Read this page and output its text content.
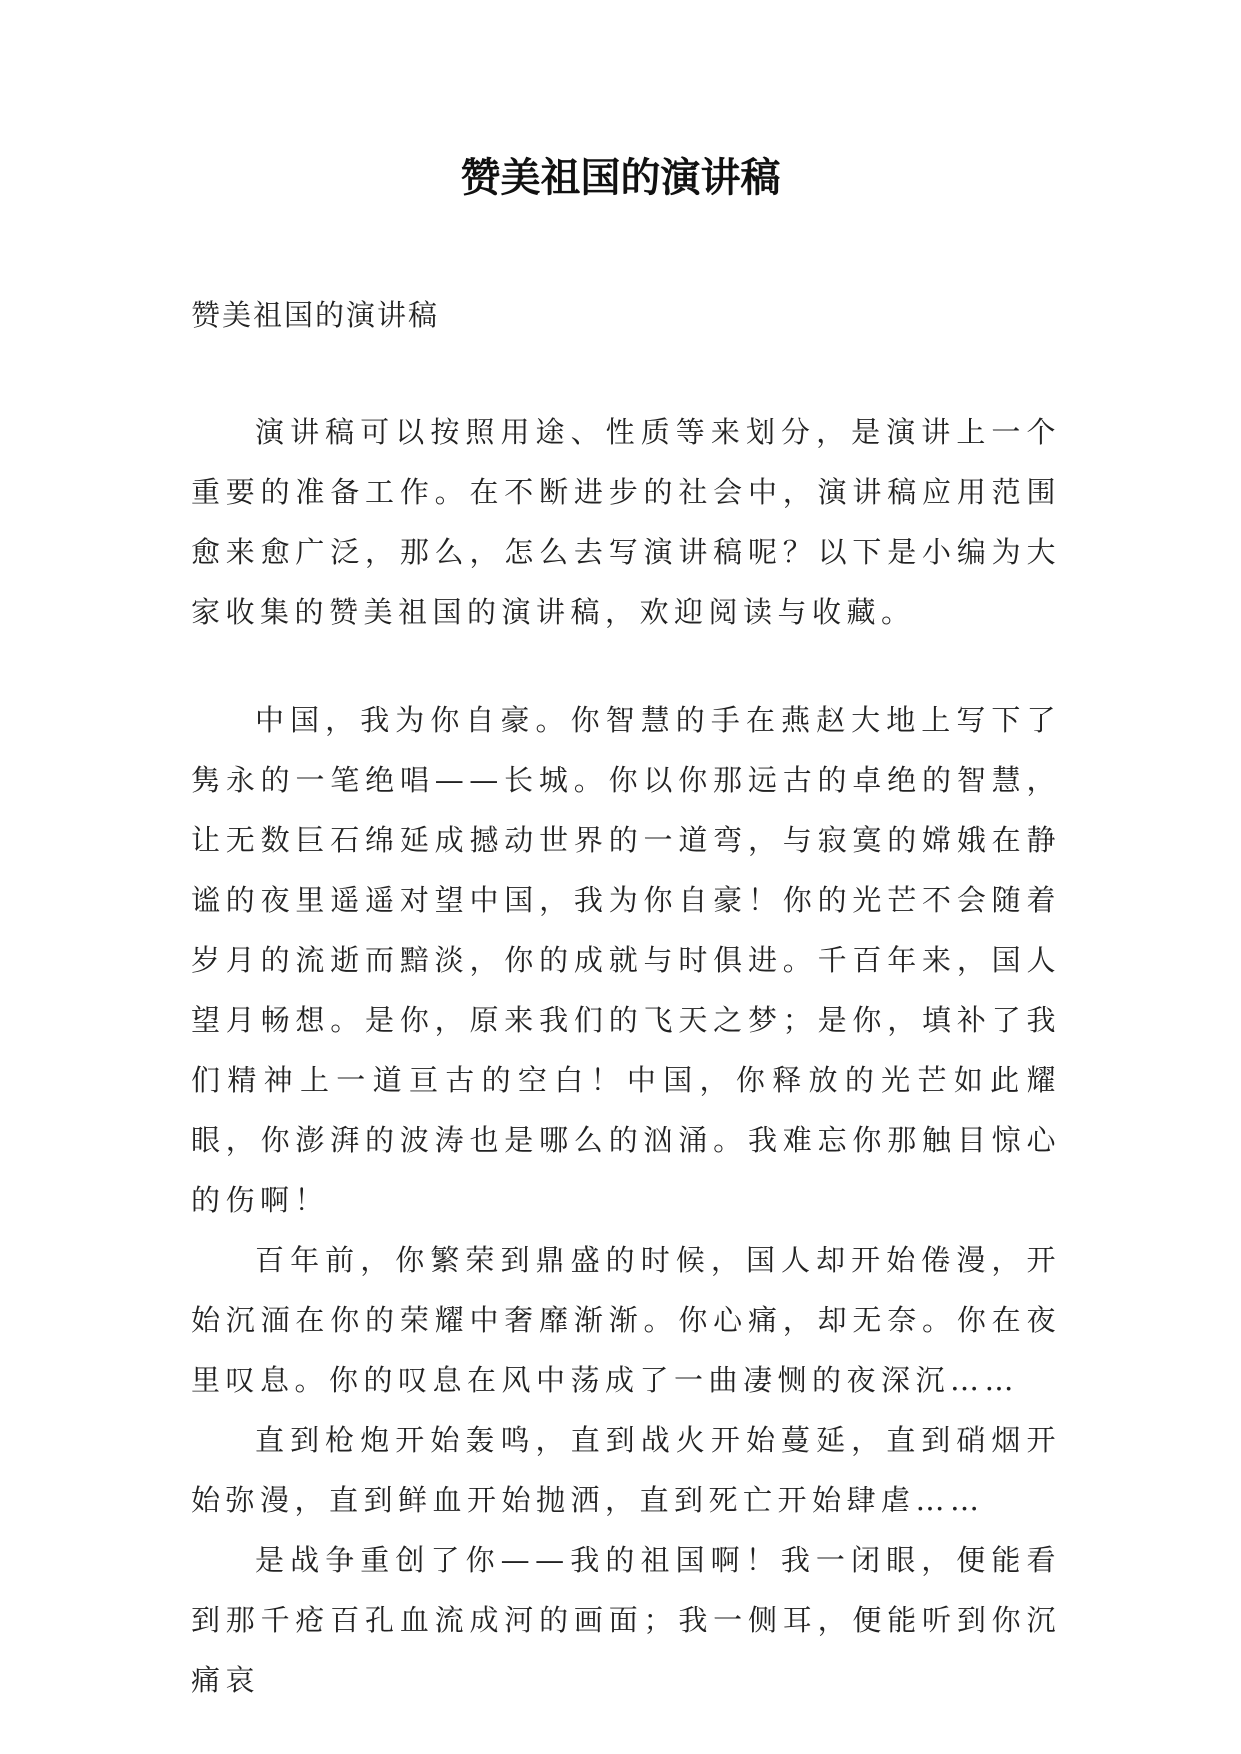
赞美祖国的演讲稿
赞美祖国的演讲稿

演讲稿可以按照用途、性质等来划分，是演讲上一个重要的准备工作。在不断进步的社会中，演讲稿应用范围愈来愈广泛，那么，怎么去写演讲稿呢？以下是小编为大家收集的赞美祖国的演讲稿，欢迎阅读与收藏。

中国，我为你自豪。你智慧的手在燕赵大地上写下了隽永的一笔绝唱——长城。你以你那远古的卓绝的智慧，让无数巨石绵延成撼动世界的一道弯，与寂寞的嫦娥在静谧的夜里遥遥对望中国，我为你自豪！你的光芒不会随着岁月的流逝而黯淡，你的成就与时俱进。千百年来，国人望月畅想。是你，原来我们的飞天之梦；是你，填补了我们精神上一道亘古的空白！中国，你释放的光芒如此耀眼，你澎湃的波涛也是哪么的汹涌。我难忘你那触目惊心的伤啊！

百年前，你繁荣到鼎盛的时候，国人却开始倦漫，开始沉湎在你的荣耀中奢靡渐渐。你心痛，却无奈。你在夜里叹息。你的叹息在风中荡成了一曲凄恻的夜深沉……

直到枪炮开始轰鸣，直到战火开始蔓延，直到硝烟开始弥漫，直到鲜血开始抛洒，直到死亡开始肆虐……

是战争重创了你——我的祖国啊！我一闭眼，便能看到那千疮百孔血流成河的画面；我一侧耳，便能听到你沉痛哀
